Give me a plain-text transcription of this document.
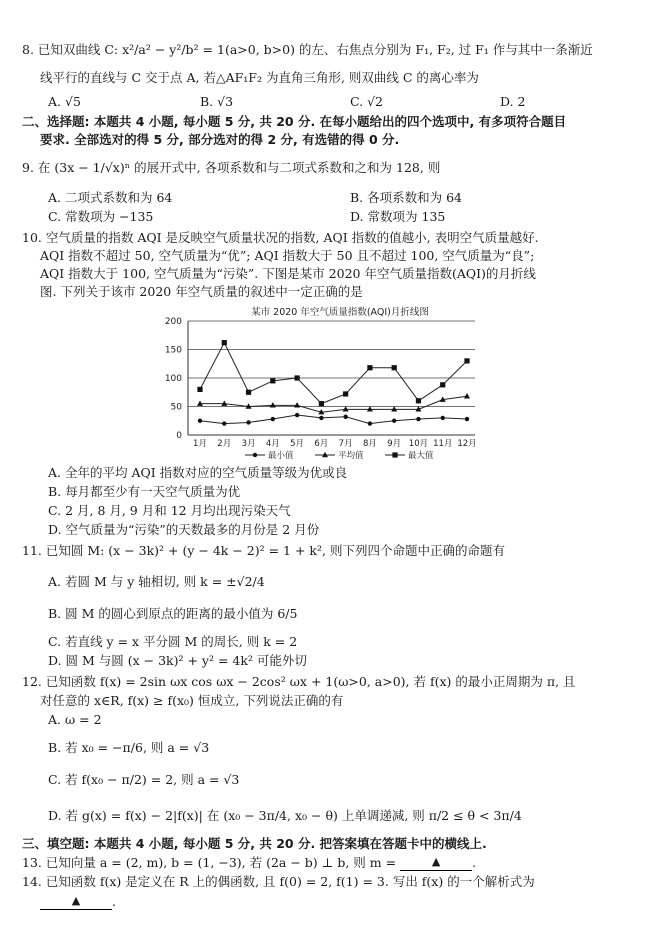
8. 已知双曲线 C: x²/a² − y²/b² = 1(a>0, b>0) 的左、右焦点分别为 F₁, F₂, 过 F₁ 作与其中一条渐近
线平行的直线与 C 交于点 A, 若△AF₁F₂ 为直角三角形, 则双曲线 C 的离心率为
A. √5	B. √3	C. √2	D. 2
二、选择题: 本题共 4 小题, 每小题 5 分, 共 20 分. 在每小题给出的四个选项中, 有多项符合题目
要求. 全部选对的得 5 分, 部分选对的得 2 分, 有选错的得 0 分.
9. 在 (3x − 1/√x)ⁿ 的展开式中, 各项系数和与二项式系数和之和为 128, 则
A. 二项式系数和为 64	B. 各项系数和为 64
C. 常数项为 −135	D. 常数项为 135
10. 空气质量的指数 AQI 是反映空气质量状况的指数, AQI 指数的值越小, 表明空气质量越好.
AQI 指数不超过 50, 空气质量为“优”; AQI 指数大于 50 且不超过 100, 空气质量为“良”;
AQI 指数大于 100, 空气质量为“污染”. 下图是某市 2020 年空气质量指数(AQI)的月折线
图. 下列关于该市 2020 年空气质量的叙述中一定正确的是
某市 2020 年空气质量指数(AQI)月折线图
0
50
100
150
200
1月 2月 3月 4月 5月 6月 7月 8月 9月 10月 11月 12月
最小值	平均值	最大值
A. 全年的平均 AQI 指数对应的空气质量等级为优或良
B. 每月都至少有一天空气质量为优
C. 2 月, 8 月, 9 月和 12 月均出现污染天气
D. 空气质量为“污染”的天数最多的月份是 2 月份
11. 已知圆 M: (x − 3k)² + (y − 4k − 2)² = 1 + k², 则下列四个命题中正确的命题有
A. 若圆 M 与 y 轴相切, 则 k = ±√2/4
B. 圆 M 的圆心到原点的距离的最小值为 6/5
C. 若直线 y = x 平分圆 M 的周长, 则 k = 2
D. 圆 M 与圆 (x − 3k)² + y² = 4k² 可能外切
12. 已知函数 f(x) = 2sin ωx cos ωx − 2cos² ωx + 1(ω>0, a>0), 若 f(x) 的最小正周期为 π, 且
对任意的 x∈R, f(x) ≥ f(x₀) 恒成立, 下列说法正确的有
A. ω = 2
B. 若 x₀ = −π/6, 则 a = √3
C. 若 f(x₀ − π/2) = 2, 则 a = √3
D. 若 g(x) = f(x) − 2|f(x)| 在 (x₀ − 3π/4, x₀ − θ) 上单调递减, 则 π/2 ≤ θ < 3π/4
三、填空题: 本题共 4 小题, 每小题 5 分, 共 20 分. 把答案填在答题卡中的横线上.
13. 已知向量 a = (2, m), b = (1, −3), 若 (2a − b) ⊥ b, 则 m =	▲	.
14. 已知函数 f(x) 是定义在 R 上的偶函数, 且 f(0) = 2, f(1) = 3. 写出 f(x) 的一个解析式为
▲	.
